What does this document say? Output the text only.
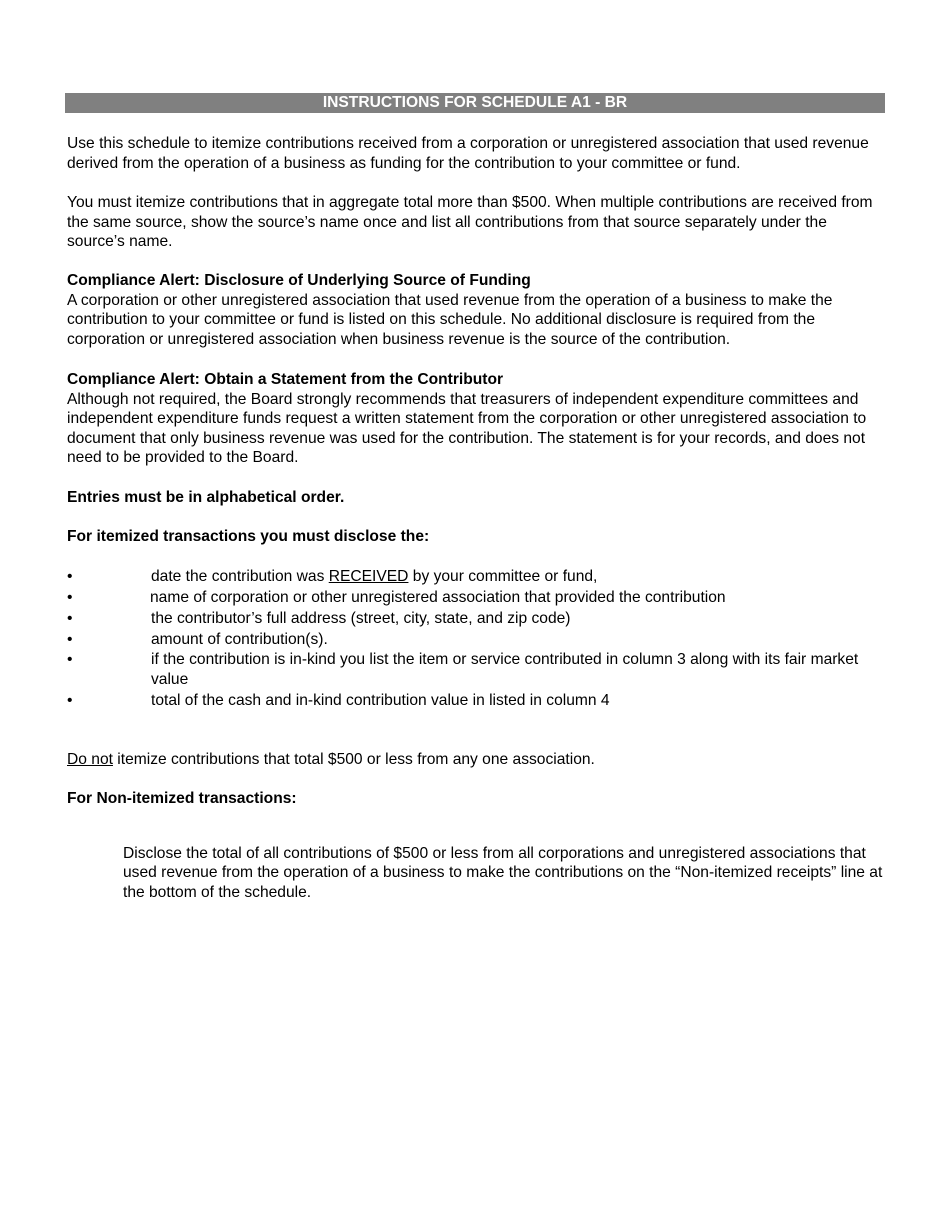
INSTRUCTIONS FOR SCHEDULE A1 - BR

Use this schedule to itemize contributions received from a corporation or unregistered association that used revenue derived from the operation of a business as funding for the contribution to your committee or fund.

You must itemize contributions that in aggregate total more than $500. When multiple contributions are received from the same source, show the source’s name once and list all contributions from that source separately under the source’s name.

Compliance Alert: Disclosure of Underlying Source of Funding

A corporation or other unregistered association that used revenue from the operation of a business to make the contribution to your committee or fund is listed on this schedule. No additional disclosure is required from the corporation or unregistered association when business revenue is the source of the contribution.

Compliance Alert: Obtain a Statement from the Contributor

Although not required, the Board strongly recommends that treasurers of independent expenditure committees and independent expenditure funds request a written statement from the corporation or other unregistered association to document that only business revenue was used for the contribution. The statement is for your records, and does not need to be provided to the Board.

Entries must be in alphabetical order.
For itemized transactions you must disclose the:
•	date the contribution was RECEIVED by your committee or fund,
•	name of corporation or other unregistered association that provided the contribution
•	the contributor’s full address (street, city, state, and zip code)
•	amount of contribution(s).
•	if the contribution is in-kind you list the item or service contributed in column 3 along with its fair market value
•	total of the cash and in-kind contribution value in listed in column 4
Do not itemize contributions that total $500 or less from any one association.
For Non-itemized transactions:

Disclose the total of all contributions of $500 or less from all corporations and unregistered associations that used revenue from the operation of a business to make the contributions on the “Non-itemized receipts” line at the bottom of the schedule.
